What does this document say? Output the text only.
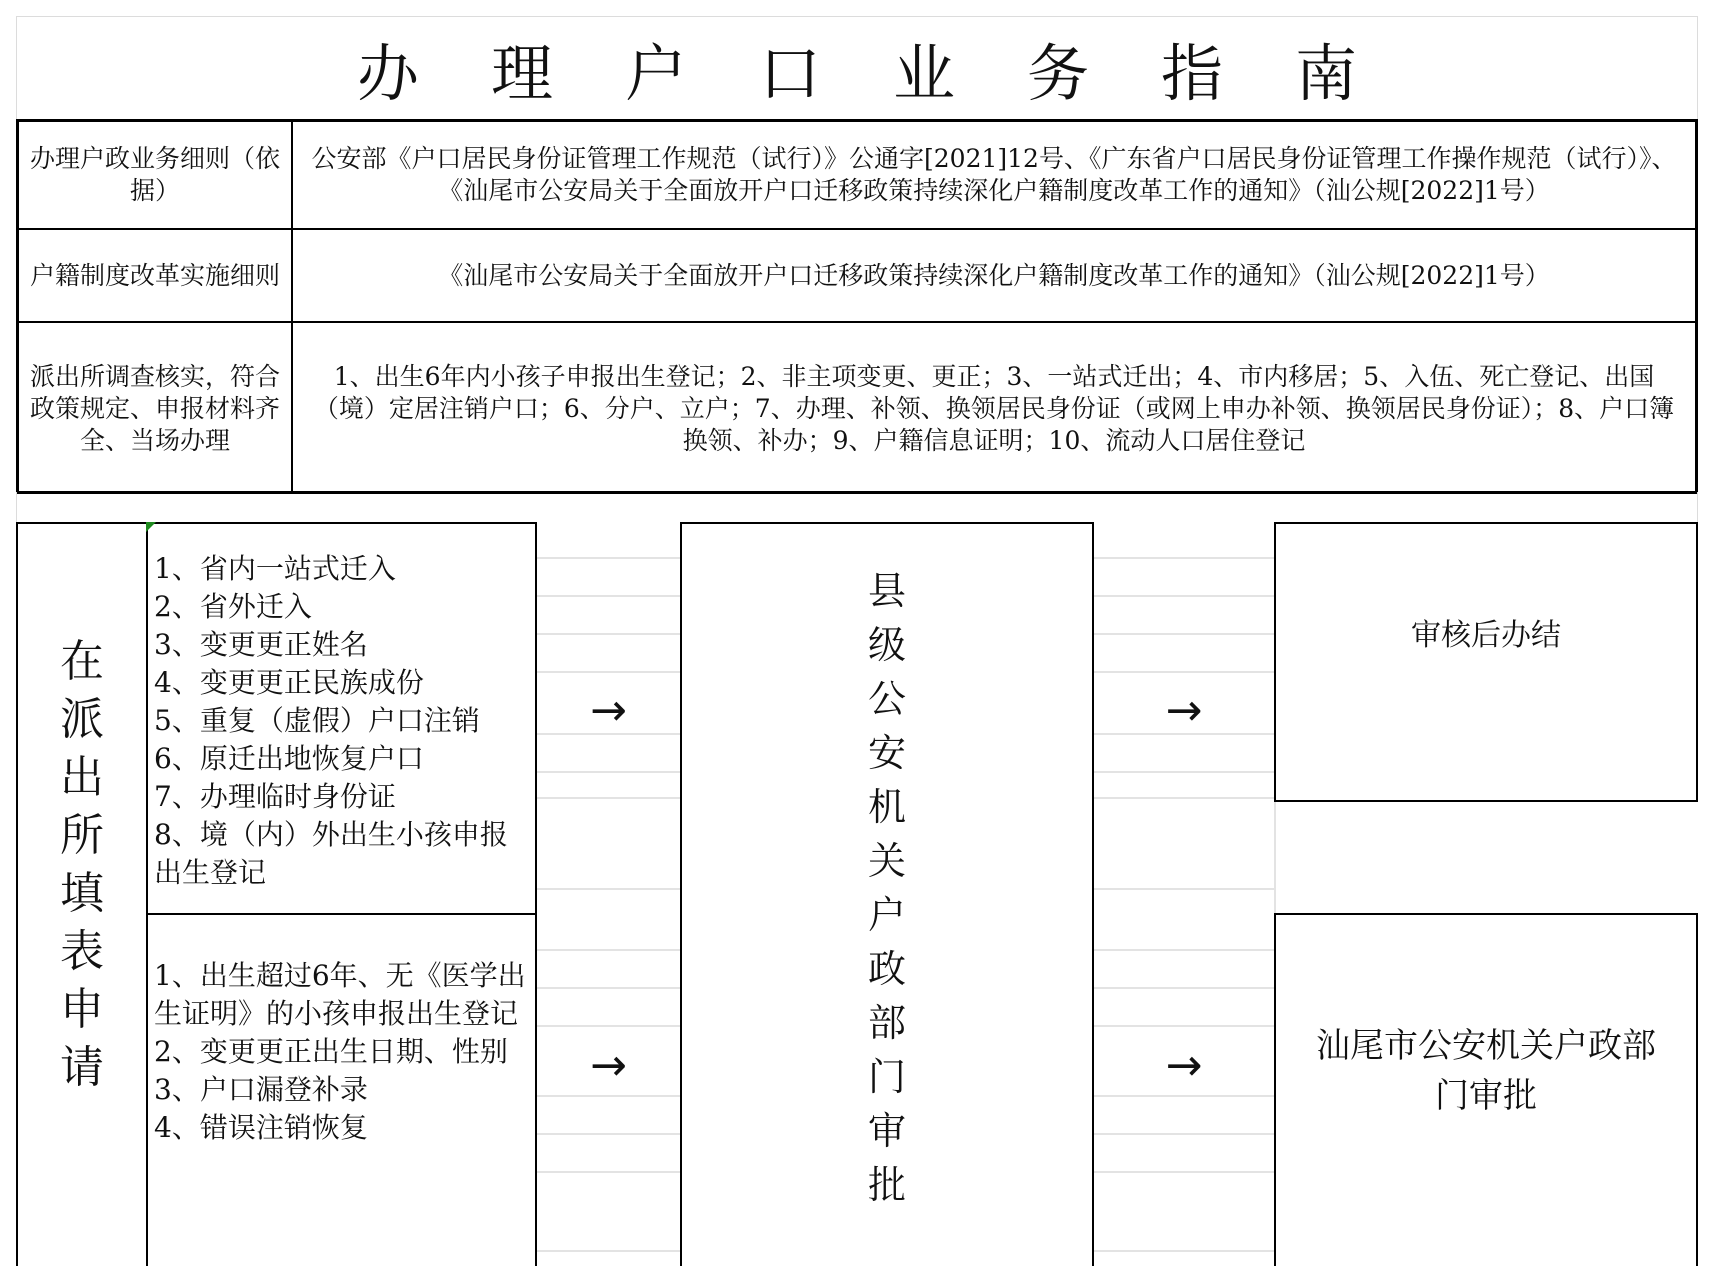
办理户口业务指南
办理户政业务细则（依据）
公安部《户口居民身份证管理工作规范（试行）》公通字[2021]12号、《广东省户口居民身份证管理工作操作规范（试行）》、《汕尾市公安局关于全面放开户口迁移政策持续深化户籍制度改革工作的通知》（汕公规[2022]1号）
户籍制度改革实施细则	《汕尾市公安局关于全面放开户口迁移政策持续深化户籍制度改革工作的通知》（汕公规[2022]1号）
派出所调查核实，符合政策规定、申报材料齐全、当场办理
1、出生6年内小孩子申报出生登记；2、非主项变更、更正；3、一站式迁出；4、市内移居；5、入伍、死亡登记、出国（境）定居注销户口；6、分户、立户；7、办理、补领、换领居民身份证（或网上申办补领、换领居民身份证）；8、户口簿换领、补办；9、户籍信息证明；10、流动人口居住登记
在
派
出
所
填
表
申
请
1、省内一站式迁入
2、省外迁入
3、变更更正姓名
4、变更更正民族成份
5、重复（虚假）户口注销
6、原迁出地恢复户口
7、办理临时身份证
8、境（内）外出生小孩申报出生登记
1、出生超过6年、无《医学出生证明》的小孩申报出生登记
2、变更更正出生日期、性别
3、户口漏登补录
4、错误注销恢复
→
→
县
级
公
安
机
关
户
政
部
门
审
批
→
→
审核后办结
汕尾市公安机关户政部门审批
